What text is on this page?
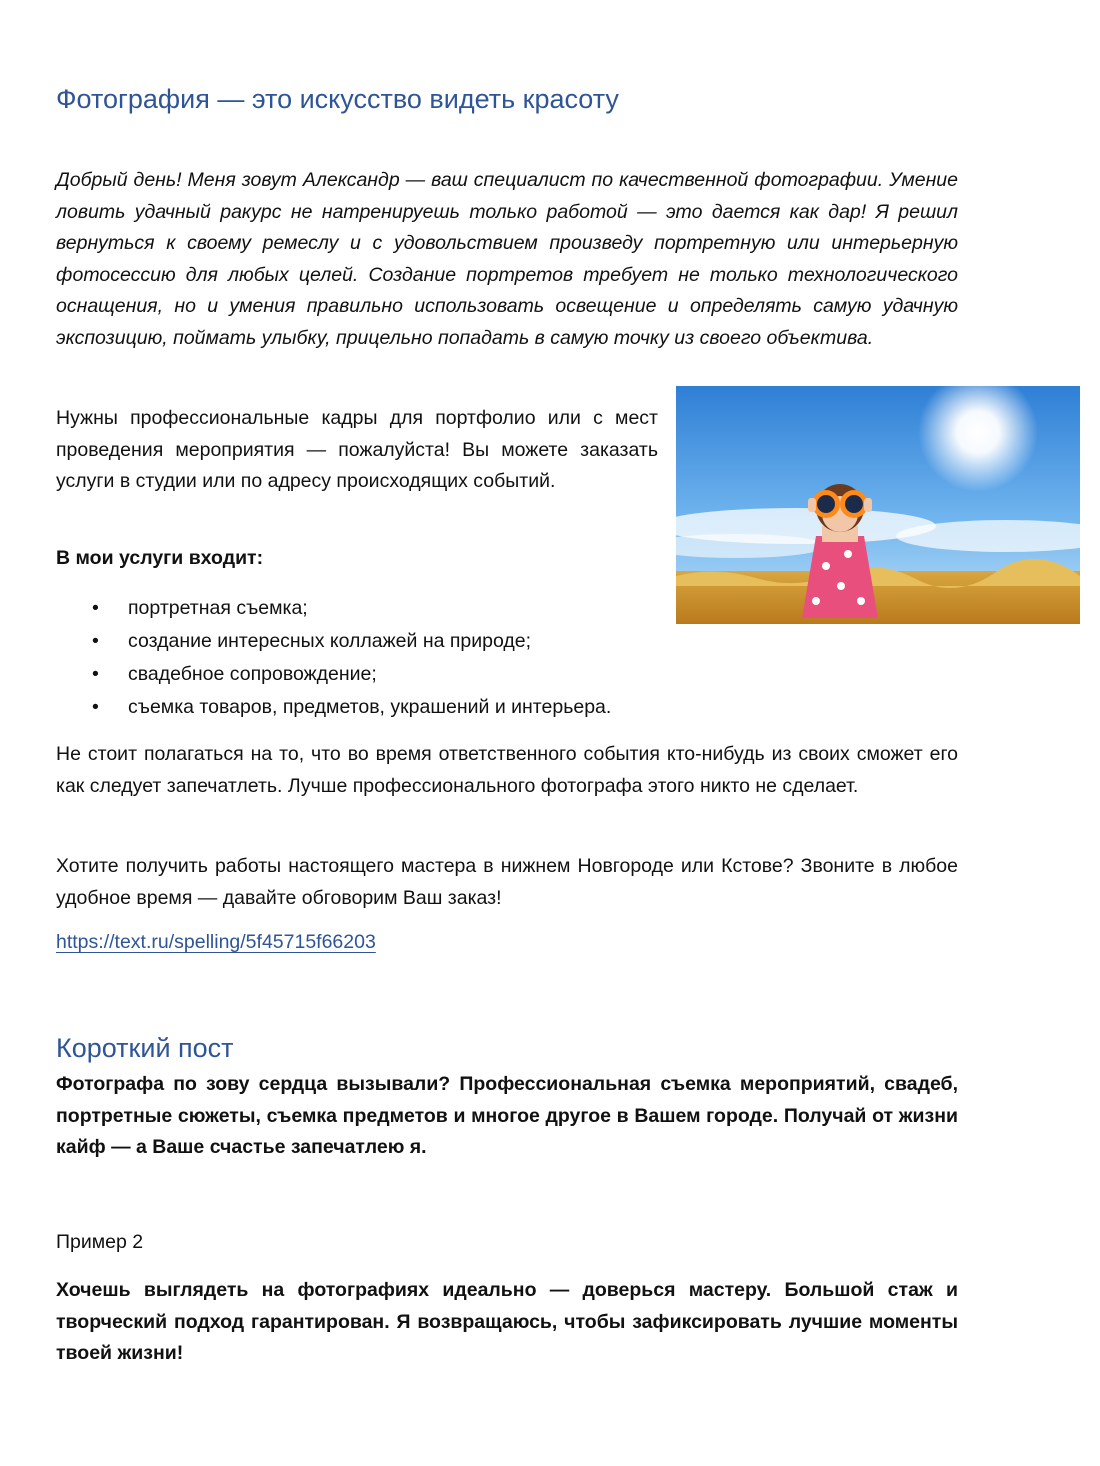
Фотография — это искусство видеть красоту

Добрый день! Меня зовут Александр — ваш специалист по качественной фотографии. Умение ловить удачный ракурс не натренируешь только работой — это дается как дар! Я решил вернуться к своему ремеслу и с удовольствием произведу портретную или интерьерную фотосессию для любых целей. Создание портретов требует не только технологического оснащения, но и умения правильно использовать освещение и определять самую удачную экспозицию, поймать улыбку, прицельно попадать в самую точку из своего объектива.

Нужны профессиональные кадры для портфолио или с мест проведения мероприятия — пожалуйста! Вы можете заказать услуги в студии или по адресу происходящих событий.

В мои услуги входит:

• портретная съемка;
• создание интересных коллажей на природе;
• свадебное сопровождение;
• съемка товаров, предметов, украшений и интерьера.

Не стоит полагаться на то, что во время ответственного события кто-нибудь из своих сможет его как следует запечатлеть. Лучше профессионального фотографа этого никто не сделает.

Хотите получить работы настоящего мастера в нижнем Новгороде или Кстове? Звоните в любое удобное время — давайте обговорим Ваш заказ!

https://text.ru/spelling/5f45715f66203

Короткий пост

Фотографа по зову сердца вызывали? Профессиональная съемка мероприятий, свадеб, портретные сюжеты, съемка предметов и многое другое в Вашем городе. Получай от жизни кайф — а Ваше счастье запечатлею я.

Пример 2

Хочешь выглядеть на фотографиях идеально — доверься мастеру. Большой стаж и творческий подход гарантирован. Я возвращаюсь, чтобы зафиксировать лучшие моменты твоей жизни!
